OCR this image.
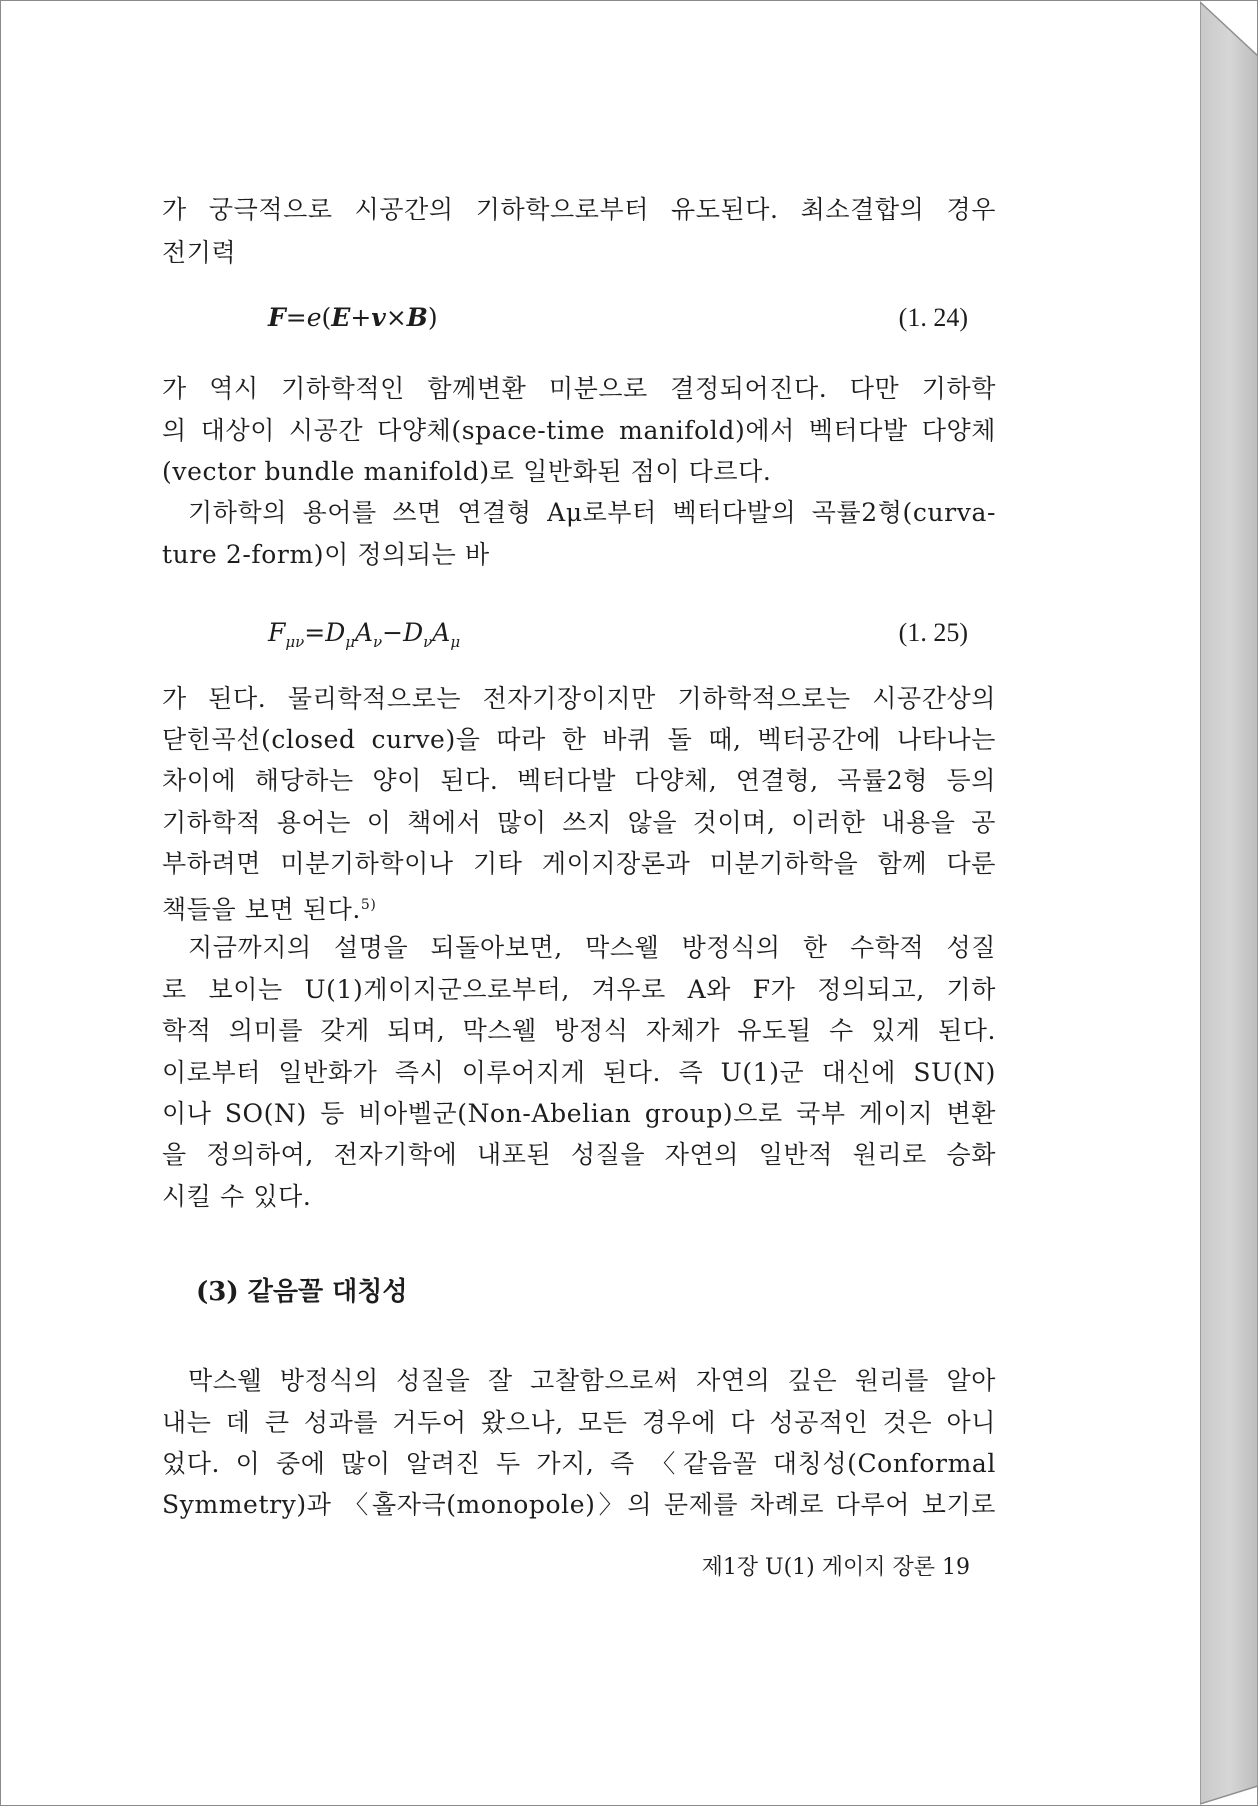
가 궁극적으로 시공간의 기하학으로부터 유도된다. 최소결합의 경우
전기력
F=e(E+v×B)	(1. 24)
가 역시 기하학적인 함께변환 미분으로 결정되어진다. 다만 기하학
의 대상이 시공간 다양체(space-time manifold)에서 벡터다발 다양체
(vector bundle manifold)로 일반화된 점이 다르다.
기하학의 용어를 쓰면 연결형 Aμ로부터 벡터다발의 곡률2형(curva-
ture 2-form)이 정의되는 바
$F_{\mu\nu}=D_\mu A_\nu-D_\nu A_\mu$	(1. 25)
가 된다. 물리학적으로는 전자기장이지만 기하학적으로는 시공간상의
닫힌곡선(closed curve)을 따라 한 바퀴 돌 때, 벡터공간에 나타나는
차이에 해당하는 양이 된다. 벡터다발 다양체, 연결형, 곡률2형 등의
기하학적 용어는 이 책에서 많이 쓰지 않을 것이며, 이러한 내용을 공
부하려면 미분기하학이나 기타 게이지장론과 미분기하학을 함께 다룬
책들을 보면 된다.$^{5)}$
지금까지의 설명을 되돌아보면, 막스웰 방정식의 한 수학적 성질
로 보이는 U(1)게이지군으로부터, 겨우로 A와 F가 정의되고, 기하
학적 의미를 갖게 되며, 막스웰 방정식 자체가 유도될 수 있게 된다.
이로부터 일반화가 즉시 이루어지게 된다. 즉 U(1)군 대신에 SU(N)
이나 SO(N) 등 비아벨군(Non-Abelian group)으로 국부 게이지 변환
을 정의하여, 전자기학에 내포된 성질을 자연의 일반적 원리로 승화
시킬 수 있다.
(3) 같음꼴 대칭성
막스웰 방정식의 성질을 잘 고찰함으로써 자연의 깊은 원리를 알아
내는 데 큰 성과를 거두어 왔으나, 모든 경우에 다 성공적인 것은 아니
었다. 이 중에 많이 알려진 두 가지, 즉 〈같음꼴 대칭성(Conformal
Symmetry)과 〈홀자극(monopole)〉의 문제를 차례로 다루어 보기로
제1장 U(1) 게이지 장론 19
